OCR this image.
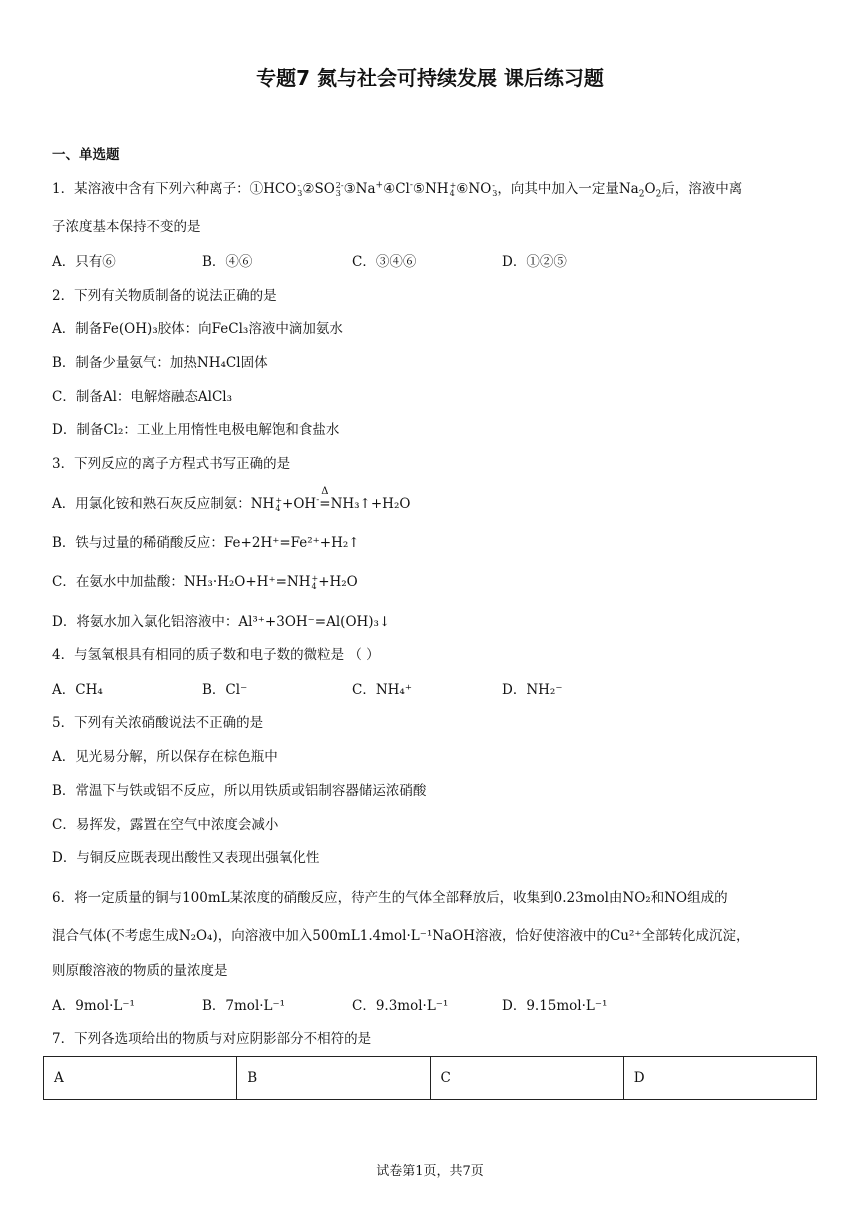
专题7 氮与社会可持续发展 课后练习题
一、单选题
1．某溶液中含有下列六种离子：①HCO -
3 ②SO 2-
3 ③Na+④Cl-⑤NH +
4 ⑥NO -
3 ，向其中加入一定量$Na_2O_2$后，溶液中离
子浓度基本保持不变的是
A．只有⑥	B．④⑥	C．③④⑥	D．①②⑤
2．下列有关物质制备的说法正确的是
A．制备Fe(OH)₃胶体：向FeCl₃溶液中滴加氨水
B．制备少量氨气：加热NH₄Cl固体
C．制备Al：电解熔融态AlCl₃
D．制备Cl₂：工业上用惰性电极电解饱和食盐水
3．下列反应的离子方程式书写正确的是
A．用氯化铵和熟石灰反应制氨：NH +
4 +OH-
Δ
=NH₃↑+H₂O
B．铁与过量的稀硝酸反应：Fe+2H⁺=Fe²⁺+H₂↑
C．在氨水中加盐酸：NH₃·H₂O+H⁺=NH +
4 +H₂O
D．将氨水加入氯化铝溶液中：Al³⁺+3OH⁻=Al(OH)₃↓
4．与氢氧根具有相同的质子数和电子数的微粒是 （ ）
A．CH₄	B．Cl⁻	C．NH₄⁺	D．NH₂⁻
5．下列有关浓硝酸说法不正确的是
A．见光易分解，所以保存在棕色瓶中
B．常温下与铁或铝不反应，所以用铁质或铝制容器储运浓硝酸
C．易挥发，露置在空气中浓度会减小
D．与铜反应既表现出酸性又表现出强氧化性
6．将一定质量的铜与100mL某浓度的硝酸反应，待产生的气体全部释放后，收集到0.23mol由NO₂和NO组成的
混合气体(不考虑生成N₂O₄)，向溶液中加入500mL1.4mol·L⁻¹NaOH溶液，恰好使溶液中的Cu²⁺全部转化成沉淀，
则原酸溶液的物质的量浓度是
A．9mol·L⁻¹	B．7mol·L⁻¹	C．9.3mol·L⁻¹	D．9.15mol·L⁻¹
7．下列各选项给出的物质与对应阴影部分不相符的是
A	B	C	D
试卷第1页，共7页
